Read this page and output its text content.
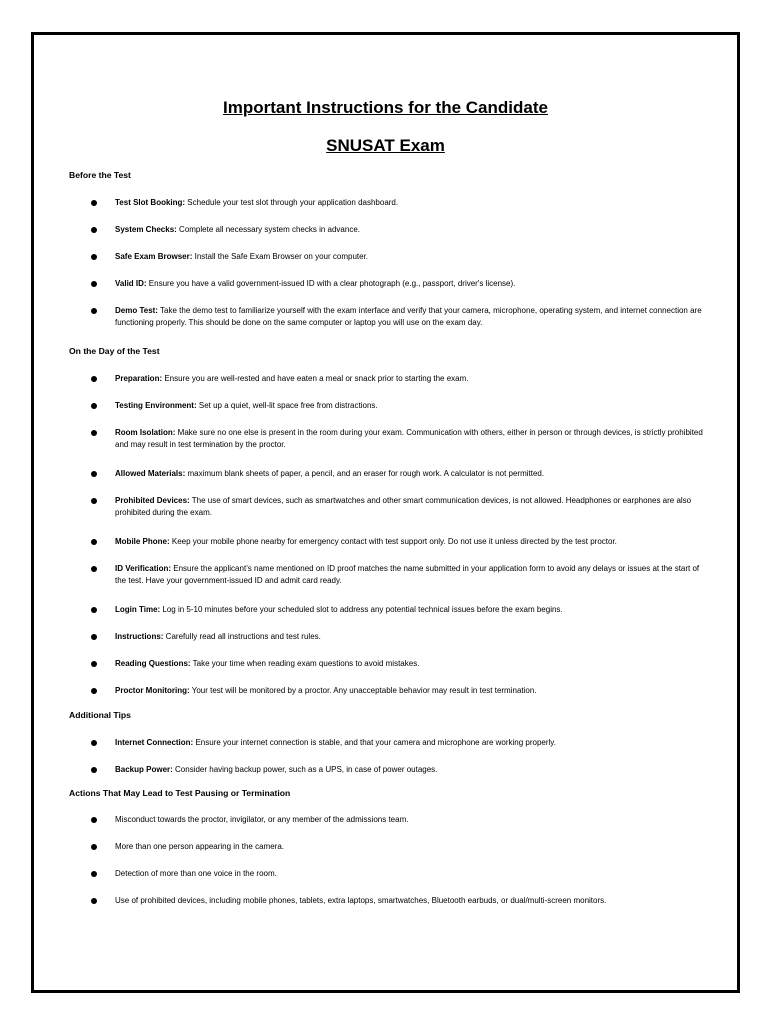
Important Instructions for the Candidate
SNUSAT Exam
Before the Test
Test Slot Booking: Schedule your test slot through your application dashboard.
System Checks: Complete all necessary system checks in advance.
Safe Exam Browser: Install the Safe Exam Browser on your computer.
Valid ID: Ensure you have a valid government-issued ID with a clear photograph (e.g., passport, driver's license).
Demo Test: Take the demo test to familiarize yourself with the exam interface and verify that your camera, microphone, operating system, and internet connection are functioning properly. This should be done on the same computer or laptop you will use on the exam day.
On the Day of the Test
Preparation: Ensure you are well-rested and have eaten a meal or snack prior to starting the exam.
Testing Environment: Set up a quiet, well-lit space free from distractions.
Room Isolation: Make sure no one else is present in the room during your exam. Communication with others, either in person or through devices, is strictly prohibited and may result in test termination by the proctor.
Allowed Materials: maximum blank sheets of paper, a pencil, and an eraser for rough work. A calculator is not permitted.
Prohibited Devices: The use of smart devices, such as smartwatches and other smart communication devices, is not allowed. Headphones or earphones are also prohibited during the exam.
Mobile Phone: Keep your mobile phone nearby for emergency contact with test support only. Do not use it unless directed by the test proctor.
ID Verification: Ensure the applicant’s name mentioned on ID proof matches the name submitted in your application form to avoid any delays or issues at the start of the test. Have your government-issued ID and admit card ready.
Login Time: Log in 5-10 minutes before your scheduled slot to address any potential technical issues before the exam begins.
Instructions: Carefully read all instructions and test rules.
Reading Questions: Take your time when reading exam questions to avoid mistakes.
Proctor Monitoring: Your test will be monitored by a proctor. Any unacceptable behavior may result in test termination.
Additional Tips
Internet Connection: Ensure your internet connection is stable, and that your camera and microphone are working properly.
Backup Power: Consider having backup power, such as a UPS, in case of power outages.
Actions That May Lead to Test Pausing or Termination
Misconduct towards the proctor, invigilator, or any member of the admissions team.
More than one person appearing in the camera.
Detection of more than one voice in the room.
Use of prohibited devices, including mobile phones, tablets, extra laptops, smartwatches, Bluetooth earbuds, or dual/multi-screen monitors.
